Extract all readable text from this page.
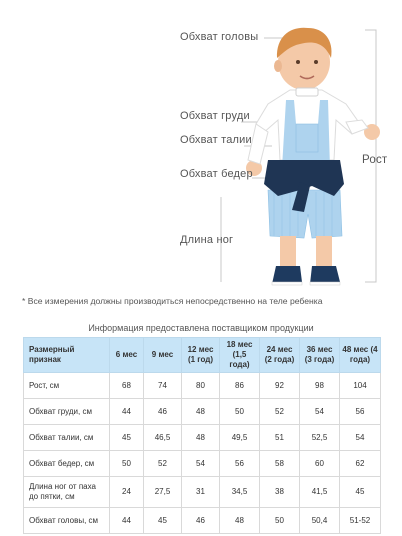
Обхват головы
Обхват груди
Обхват талии
Обхват бедер
Длина ног
Рост
* Все измерения должны производиться непосредственно на теле ребенка
Информация предоставлена поставщиком продукции
Размерный признак	6 мес	9 мес	12 мес (1 год)	18 мес (1,5 года)	24 мес (2 года)	36 мес (3 года)	48 мес (4 года)
Рост, см	68	74	80	86	92	98	104
Обхват груди, см	44	46	48	50	52	54	56
Обхват талии, см	45	46,5	48	49,5	51	52,5	54
Обхват бедер, см	50	52	54	56	58	60	62
Длина ног от паха до пятки, см	24	27,5	31	34,5	38	41,5	45
Обхват головы, см	44	45	46	48	50	50,4	51-52
